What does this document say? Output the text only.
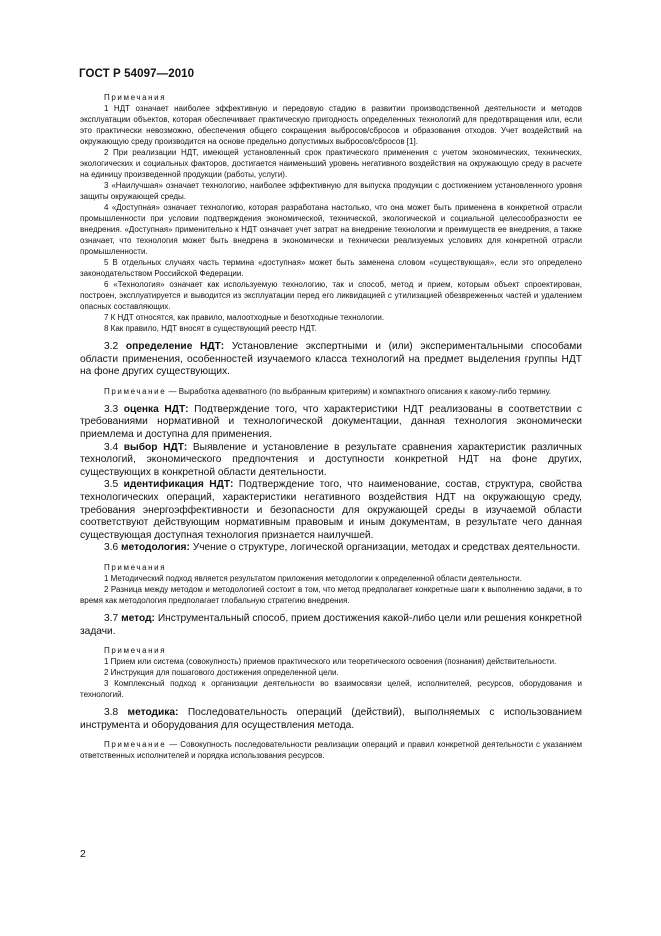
ГОСТ Р 54097—2010

Примечания

1 НДТ означает наиболее эффективную и передовую стадию в развитии производственной деятельности и методов эксплуатации объектов, которая обеспечивает практическую пригодность определенных технологий для предотвращения или, если это практически невозможно, обеспечения общего сокращения выбросов/сбросов и образования отходов. Учет воздействий на окружающую среду производится на основе предельно допустимых выбросов/сбросов [1].

2 При реализации НДТ, имеющей установленный срок практического применения с учетом экономических, технических, экологических и социальных факторов, достигается наименьший уровень негативного воздействия на окружающую среду в расчете на единицу произведенной продукции (работы, услуги).

3 «Наилучшая» означает технологию, наиболее эффективную для выпуска продукции с достижением установленного уровня защиты окружающей среды.

4 «Доступная» означает технологию, которая разработана настолько, что она может быть применена в конкретной отрасли промышленности при условии подтверждения экономической, технической, экологической и социальной целесообразности ее внедрения. «Доступная» применительно к НДТ означает учет затрат на внедрение технологии и преимуществ ее внедрения, а также означает, что технология может быть внедрена в экономически и технически реализуемых условиях для конкретной отрасли промышленности.

5 В отдельных случаях часть термина «доступная» может быть заменена словом «существующая», если это определено законодательством Российской Федерации.

6 «Технология» означает как используемую технологию, так и способ, метод и прием, которым объект спроектирован, построен, эксплуатируется и выводится из эксплуатации перед его ликвидацией с утилизацией обезвреженных частей и удалением опасных составляющих.

7 К НДТ относятся, как правило, малоотходные и безотходные технологии.

8 Как правило, НДТ вносят в существующий реестр НДТ.

3.2 определение НДТ: Установление экспертными и (или) экспериментальными способами области применения, особенностей изучаемого класса технологий на предмет выделения группы НДТ на фоне других существующих.

Примечание — Выработка адекватного (по выбранным критериям) и компактного описания к какому-либо термину.

3.3 оценка НДТ: Подтверждение того, что характеристики НДТ реализованы в соответствии с требованиями нормативной и технологической документации, данная технология экономически приемлема и доступна для применения.

3.4 выбор НДТ: Выявление и установление в результате сравнения характеристик различных технологий, экономического предпочтения и доступности конкретной НДТ на фоне других, существующих в конкретной области деятельности.

3.5 идентификация НДТ: Подтверждение того, что наименование, состав, структура, свойства технологических операций, характеристики негативного воздействия НДТ на окружающую среду, требования энергоэффективности и безопасности для окружающей среды в изучаемой области соответствуют действующим нормативным правовым и иным документам, в результате чего данная существующая доступная технология признается наилучшей.

3.6 методология: Учение о структуре, логической организации, методах и средствах деятельности.

Примечания

1 Методический подход является результатом приложения методологии к определенной области деятельности.

2 Разница между методом и методологией состоит в том, что метод предполагает конкретные шаги к выполнению задачи, в то время как методология предполагает глобальную стратегию внедрения.

3.7 метод: Инструментальный способ, прием достижения какой-либо цели или решения конкретной задачи.

Примечания

1 Прием или система (совокупность) приемов практического или теоретического освоения (познания) действительности.

2 Инструкция для пошагового достижения определенной цели.

3 Комплексный подход к организации деятельности во взаимосвязи целей, исполнителей, ресурсов, оборудования и технологий.

3.8 методика: Последовательность операций (действий), выполняемых с использованием инструмента и оборудования для осуществления метода.

Примечание — Совокупность последовательности реализации операций и правил конкретной деятельности с указанием ответственных исполнителей и порядка использования ресурсов.

2
